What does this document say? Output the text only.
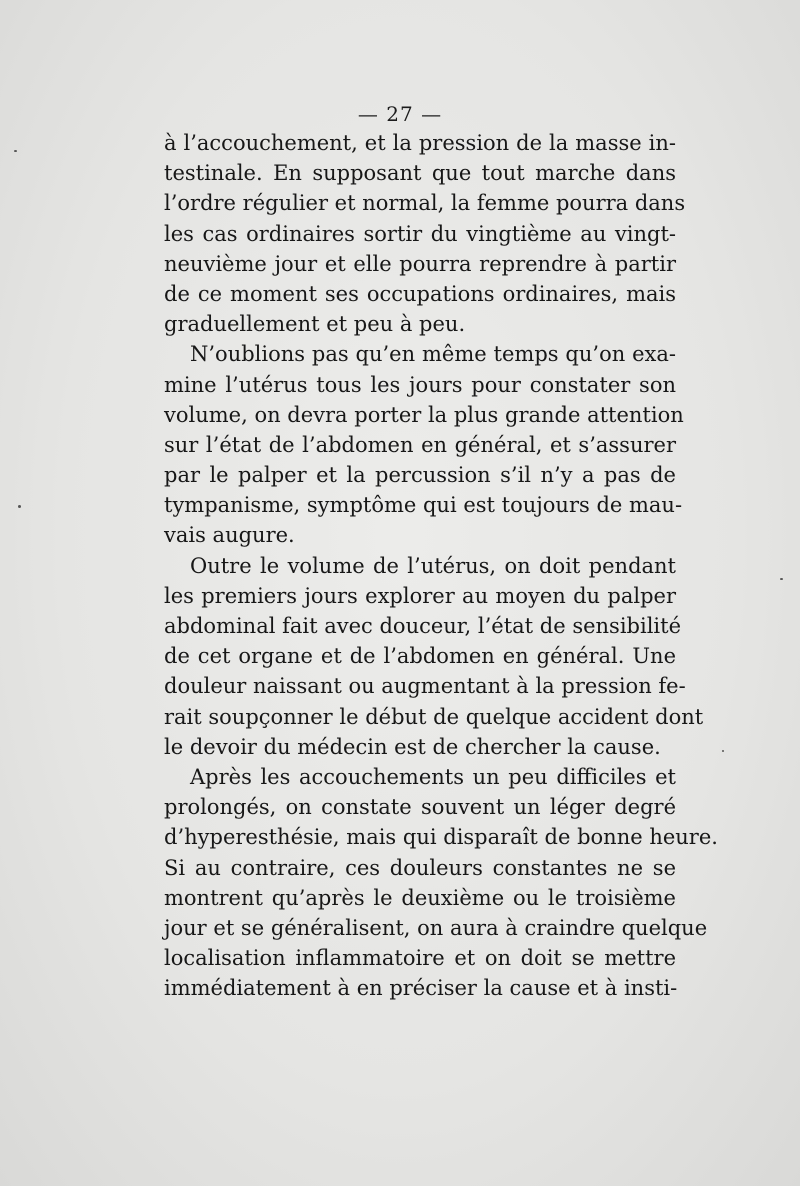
— 27 —
à l’accouchement, et la pression de la masse in-
testinale. En supposant que tout marche dans
l’ordre régulier et normal, la femme pourra dans
les cas ordinaires sortir du vingtième au vingt-
neuvième jour et elle pourra reprendre à partir
de ce moment ses occupations ordinaires, mais
graduellement et peu à peu.
N’oublions pas qu’en même temps qu’on exa-
mine l’utérus tous les jours pour constater son
volume, on devra porter la plus grande attention
sur l’état de l’abdomen en général, et s’assurer
par le palper et la percussion s’il n’y a pas de
tympanisme, symptôme qui est toujours de mau-
vais augure.
Outre le volume de l’utérus, on doit pendant
les premiers jours explorer au moyen du palper
abdominal fait avec douceur, l’état de sensibilité
de cet organe et de l’abdomen en général. Une
douleur naissant ou augmentant à la pression fe-
rait soupçonner le début de quelque accident dont
le devoir du médecin est de chercher la cause.
Après les accouchements un peu difficiles et
prolongés, on constate souvent un léger degré
d’hyperesthésie, mais qui disparaît de bonne heure.
Si au contraire, ces douleurs constantes ne se
montrent qu’après le deuxième ou le troisième
jour et se généralisent, on aura à craindre quelque
localisation inflammatoire et on doit se mettre
immédiatement à en préciser la cause et à insti-
